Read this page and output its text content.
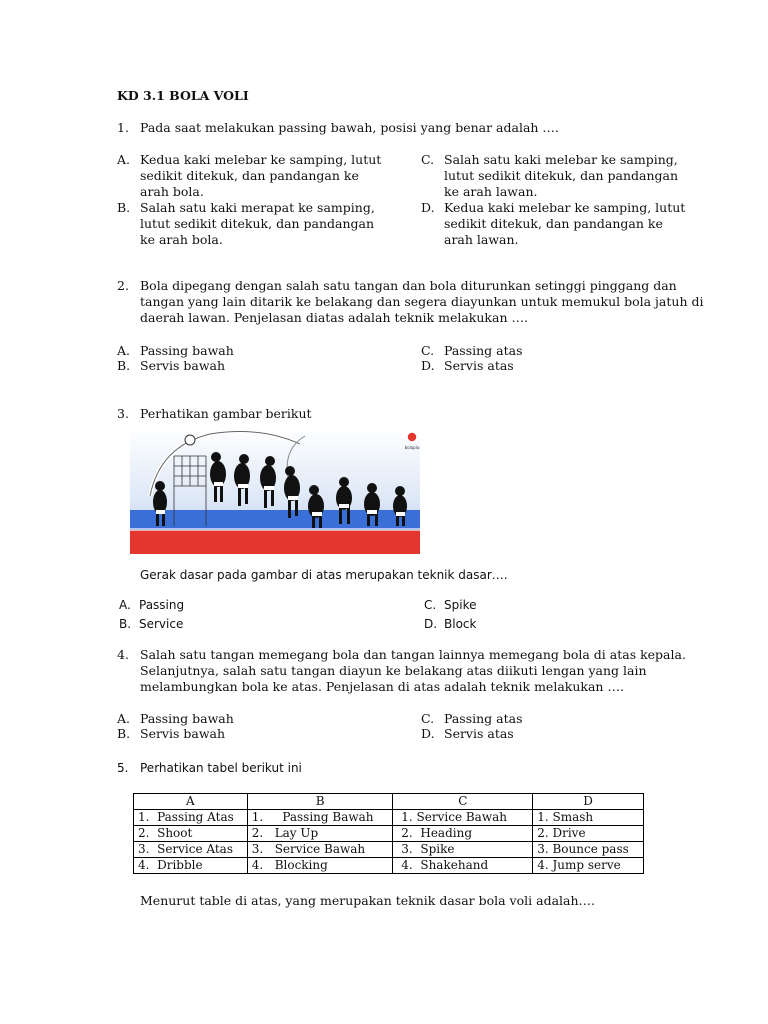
KD 3.1 BOLA VOLI
1. Pada saat melakukan passing bawah, posisi yang benar adalah ….
A. Kedua kaki melebar ke samping, lutut
sedikit ditekuk, dan pandangan ke
arah bola.
B. Salah satu kaki merapat ke samping,
lutut sedikit ditekuk, dan pandangan
ke arah bola.
C. Salah satu kaki melebar ke samping,
lutut sedikit ditekuk, dan pandangan
ke arah lawan.
D. Kedua kaki melebar ke samping, lutut
sedikit ditekuk, dan pandangan ke
arah lawan.
2. Bola dipegang dengan salah satu tangan dan bola diturunkan setinggi pinggang dan
tangan yang lain ditarik ke belakang dan segera diayunkan untuk memukul bola jatuh di
daerah lawan. Penjelasan diatas adalah teknik melakukan ….
A. Passing bawah
B. Servis bawah
C. Passing atas
D. Servis atas
3. Perhatikan gambar berikut
bolaplus
Gerak dasar pada gambar di atas merupakan teknik dasar….
A. Passing
B. Service
C. Spike
D. Block
4. Salah satu tangan memegang bola dan tangan lainnya memegang bola di atas kepala.
Selanjutnya, salah satu tangan diayun ke belakang atas diikuti lengan yang lain
melambungkan bola ke atas. Penjelasan di atas adalah teknik melakukan ….
A. Passing bawah
B. Servis bawah
C. Passing atas
D. Servis atas
5. Perhatikan tabel berikut ini
A	B	C	D
1. Passing Atas	1. Passing Bawah	1. Service Bawah	1. Smash
2. Shoot	2. Lay Up	2. Heading	2. Drive
3. Service Atas	3. Service Bawah	3. Spike	3. Bounce pass
4. Dribble	4. Blocking	4. Shakehand	4. Jump serve
Menurut table di atas, yang merupakan teknik dasar bola voli adalah….
